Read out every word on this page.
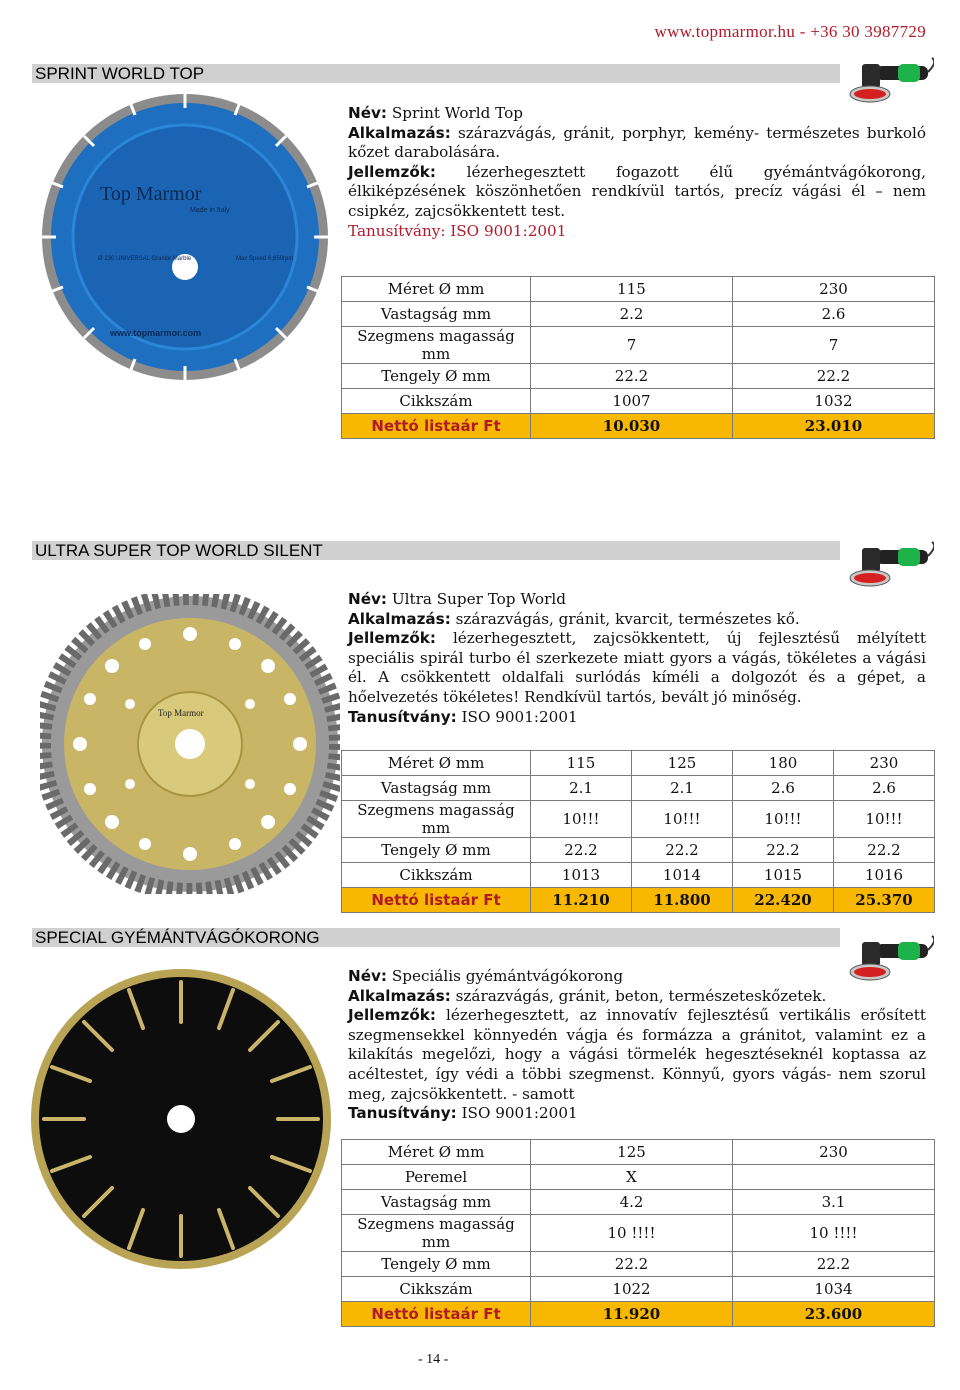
www.topmarmor.hu - +36 30 3987729
SPRINT WORLD TOP
Top Marmor
Made in Italy
Ø 230 UNIVERSAL Granite Marble	Max Speed 6,650rpm
www.topmarmor.com

Név: Sprint World Top

Alkalmazás: szárazvágás, gránit, porphyr, kemény- természetes burkoló kőzet darabolására.

Jellemzők: lézerhegesztett fogazott élű gyémántvágókorong, élkiképzésének köszönhetően rendkívül tartós, precíz vágási él – nem csipkéz, zajcsökkentett test.

Tanusítvány: ISO 9001:2001

Méret Ø mm	115	230
Vastagság mm	2.2	2.6
Szegmens magasság mm	7	7
Tengely Ø mm	22.2	22.2
Cikkszám	1007	1032
Nettó listaár Ft	10.030	23.010
ULTRA SUPER TOP WORLD SILENT
Top Marmor

Név: Ultra Super Top World

Alkalmazás: szárazvágás, gránit, kvarcit, természetes kő.

Jellemzők: lézerhegesztett, zajcsökkentett, új fejlesztésű mélyített speciális spirál turbo él szerkezete miatt gyors a vágás, tökéletes a vágási él. A csökkentett oldalfali surlódás kíméli a dolgozót és a gépet, a hőelvezetés tökéletes! Rendkívül tartós, bevált jó minőség.

Tanusítvány: ISO 9001:2001

Méret Ø mm	115	125	180	230
Vastagság mm	2.1	2.1	2.6	2.6
Szegmens magasság mm	10!!!	10!!!	10!!!	10!!!
Tengely Ø mm	22.2	22.2	22.2	22.2
Cikkszám	1013	1014	1015	1016
Nettó listaár Ft	11.210	11.800	22.420	25.370
SPECIAL GYÉMÁNTVÁGÓKORONG

Név: Speciális gyémántvágókorong

Alkalmazás: szárazvágás, gránit, beton, természeteskőzetek.

Jellemzők: lézerhegesztett, az innovatív fejlesztésű vertikális erősített szegmensekkel könnyedén vágja és formázza a gránitot, valamint ez a kilakítás megelőzi, hogy a vágási törmelék hegesztéseknél koptassa az acéltestet, így védi a többi szegmenst. Könnyű, gyors vágás- nem szorul meg, zajcsökkentett. - samott

Tanusítvány: ISO 9001:2001

Méret Ø mm	125	230
Peremel	X	
Vastagság mm	4.2	3.1
Szegmens magasság mm	10 !!!!	10 !!!!
Tengely Ø mm	22.2	22.2
Cikkszám	1022	1034
Nettó listaár Ft	11.920	23.600
- 14 -
